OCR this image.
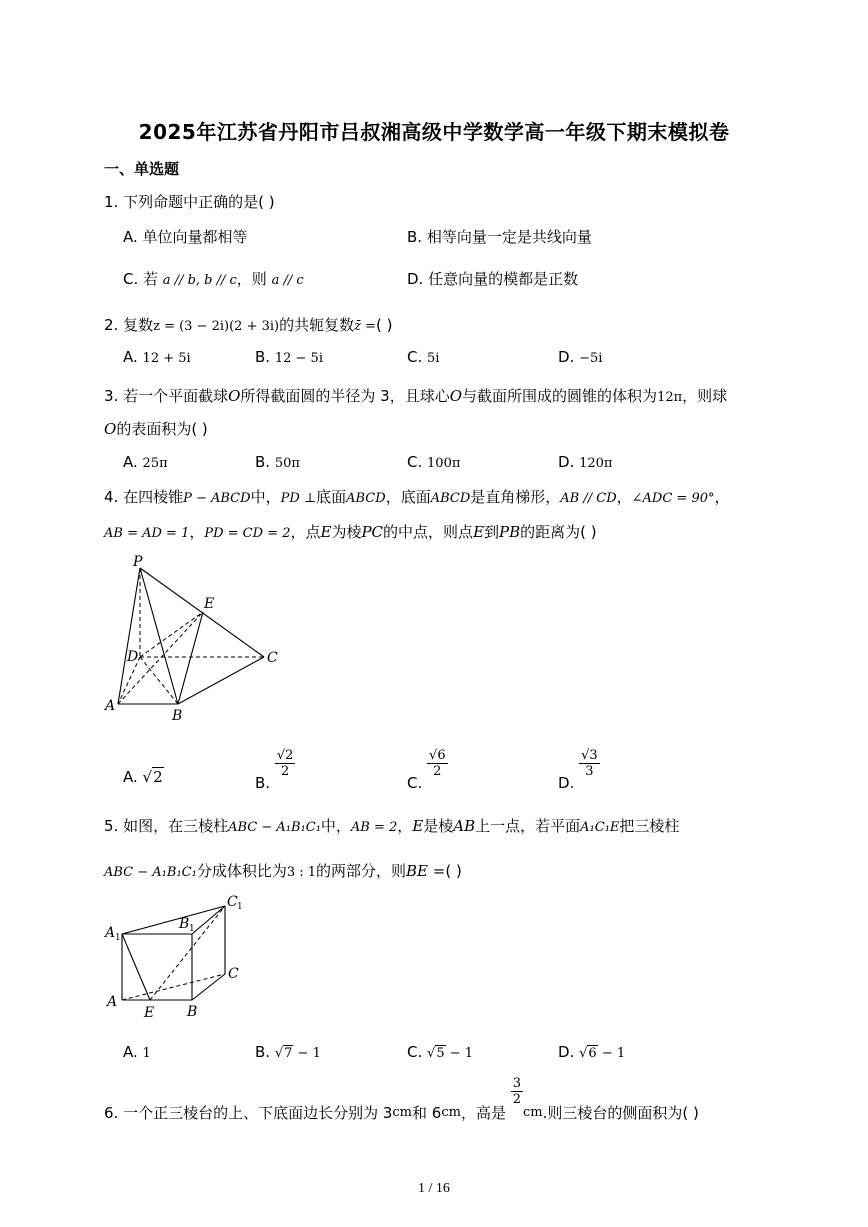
2025年江苏省丹阳市吕叔湘高级中学数学高一年级下期末模拟卷
一、单选题
1. 下列命题中正确的是( )
A. 单位向量都相等	B. 相等向量一定是共线向量
C. 若 a // b, b // c，则 a // c	D. 任意向量的模都是正数
2. 复数z = (3 − 2i)(2 + 3i)的共轭复数z̄ =( )
A. 12 + 5i	B. 12 − 5i	C. 5i	D. −5i
3. 若一个平面截球O所得截面圆的半径为 3，且球心O与截面所围成的圆锥的体积为12π，则球
O的表面积为( )
A. 25π	B. 50π	C. 100π	D. 120π
4. 在四棱锥P − ABCD中，PD ⊥底面ABCD，底面ABCD是直角梯形，AB // CD，∠ADC = 90°，
AB = AD = 1，PD = CD = 2，点E为棱PC的中点，则点E到PB的距离为( )
P
E
D	C
A
B
A. √2	B.
$\frac{√2}{2}$
C.
$\frac{√6}{2}$
D.
$\frac{√3}{3}$
5. 如图，在三棱柱ABC − A₁B₁C₁中，AB = 2，E是棱AB上一点，若平面A₁C₁E把三棱柱
ABC − A₁B₁C₁分成体积比为3 : 1的两部分，则BE =( )
C 1
A 1
B 1
C
A
E B
A. 1	B. √7 − 1	C. √5 − 1	D. √6 − 1
6. 一个正三棱台的上、下底面边长分别为 3cm和 6cm，高是
$\frac{3}{2}$
cm.则三棱台的侧面积为( )
1 / 16
